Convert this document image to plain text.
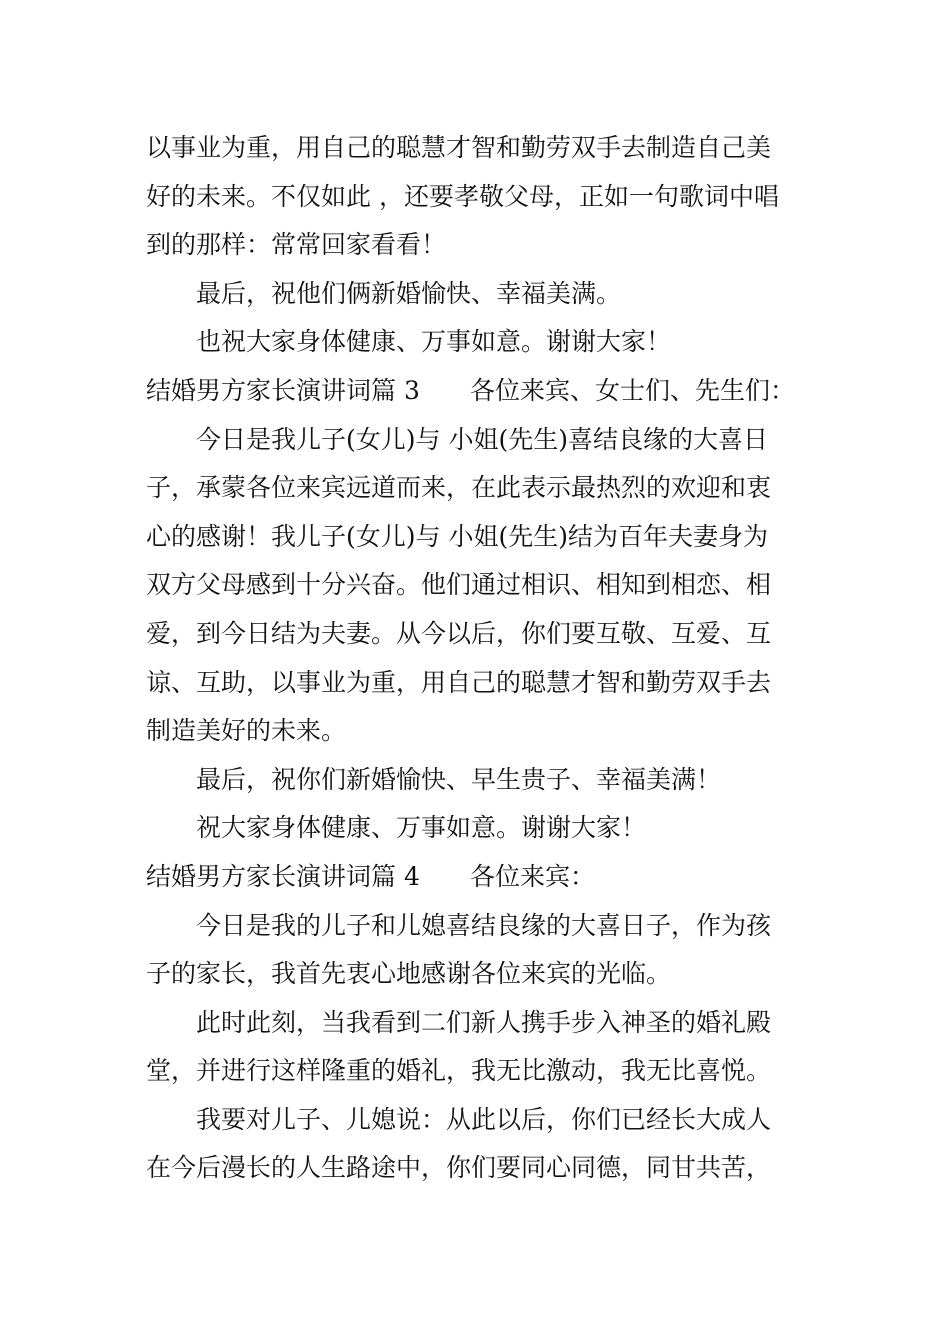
以事业为重，用自己的聪慧才智和勤劳双手去制造自己美
好的未来。不仅如此 ，还要孝敬父母，正如一句歌词中唱
到的那样：常常回家看看！
最后，祝他们俩新婚愉快、幸福美满。
也祝大家身体健康、万事如意。谢谢大家！
结婚男方家长演讲词篇 3	各位来宾、女士们、先生们：
今日是我儿子(女儿)与 小姐(先生)喜结良缘的大喜日
子，承蒙各位来宾远道而来，在此表示最热烈的欢迎和衷
心的感谢！我儿子(女儿)与 小姐(先生)结为百年夫妻身为
双方父母感到十分兴奋。他们通过相识、相知到相恋、相
爱，到今日结为夫妻。从今以后，你们要互敬、互爱、互
谅、互助，以事业为重，用自己的聪慧才智和勤劳双手去
制造美好的未来。
最后，祝你们新婚愉快、早生贵子、幸福美满！
祝大家身体健康、万事如意。谢谢大家！
结婚男方家长演讲词篇 4	各位来宾：
今日是我的儿子和儿媳喜结良缘的大喜日子，作为孩
子的家长，我首先衷心地感谢各位来宾的光临。
此时此刻，当我看到二们新人携手步入神圣的婚礼殿
堂，并进行这样隆重的婚礼，我无比激动，我无比喜悦。
我要对儿子、儿媳说：从此以后，你们已经长大成人
在今后漫长的人生路途中，你们要同心同德，同甘共苦，
